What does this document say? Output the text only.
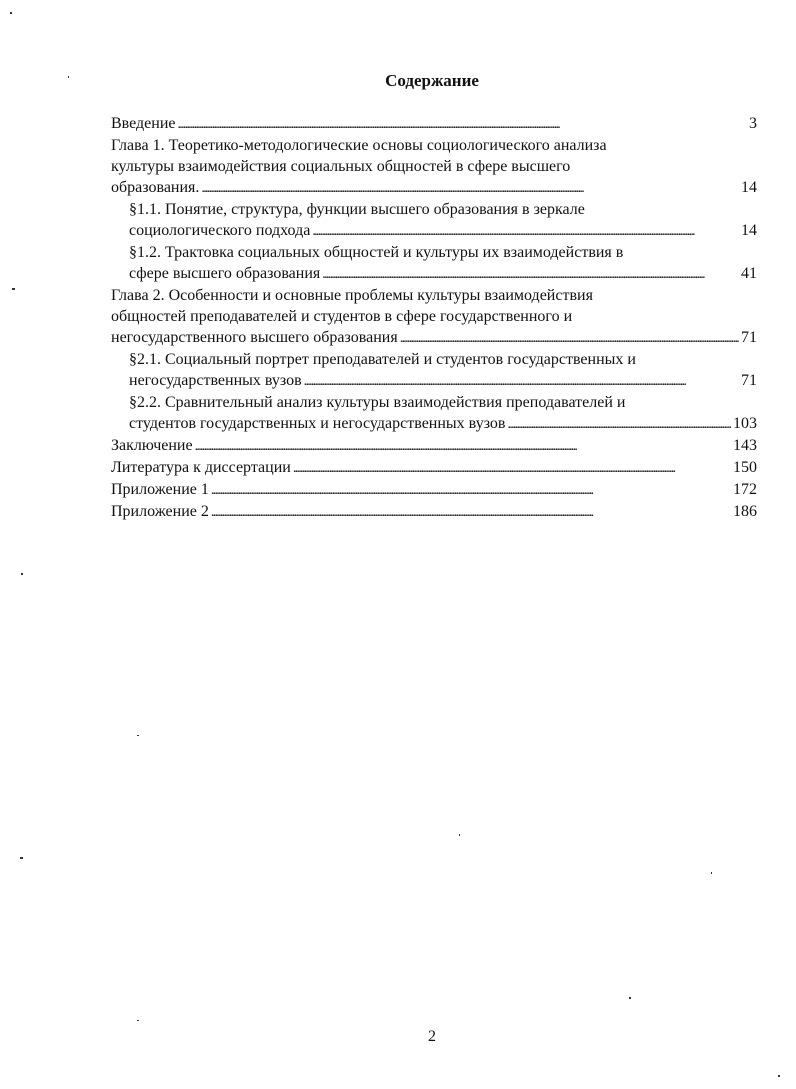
Содержание
Введение . . .	3
Глава 1. Теоретико-методологические основы социологического анализа
культуры взаимодействия социальных общностей в сфере высшего
образования. . . .	14
§1.1. Понятие, структура, функции высшего образования в зеркале
социологического подхода . . .	14
§1.2. Трактовка социальных общностей и культуры их взаимодействия в
сфере высшего образования . . .	41
Глава 2. Особенности и основные проблемы культуры взаимодействия
общностей преподавателей и студентов в сфере государственного и
негосударственного высшего образования . . .	71
§2.1. Социальный портрет преподавателей и студентов государственных и
негосударственных вузов . . .	71
§2.2. Сравнительный анализ культуры взаимодействия преподавателей и
студентов государственных и негосударственных вузов . . .	103
Заключение . . .	143
Литература к диссертации . . .	150
Приложение 1 . . .	172
Приложение 2 . . .	186
2
